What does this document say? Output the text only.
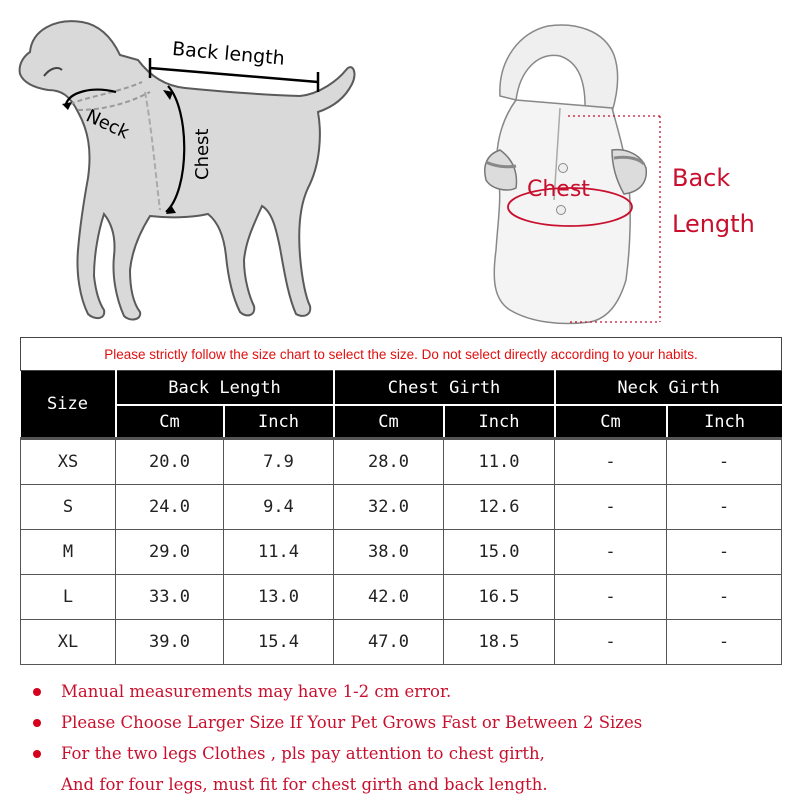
Back length
Neck
Chest
Chest	Back
Length
Please strictly follow the size chart to select the size. Do not select directly according to your habits.						
Size	Back Length		Chest Girth		Neck Girth	
	Cm	Inch	Cm	Inch	Cm	Inch
XS	20.0	7.9	28.0	11.0	-	-
S	24.0	9.4	32.0	12.6	-	-
M	29.0	11.4	38.0	15.0	-	-
L	33.0	13.0	42.0	16.5	-	-
XL	39.0	15.4	47.0	18.5	-	-
Manual measurements may have 1-2 cm error.
Please Choose Larger Size If Your Pet Grows Fast or Between 2 Sizes
For the two legs Clothes , pls pay attention to chest girth,
And for four legs, must fit for chest girth and back length.
